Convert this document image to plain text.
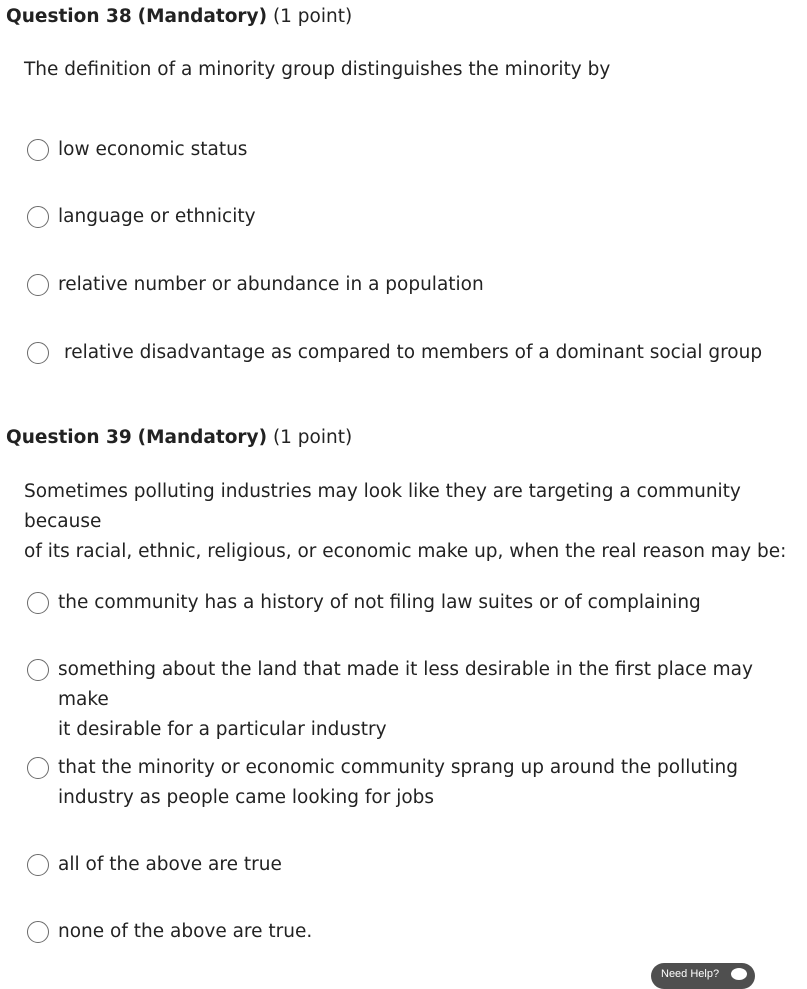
Question 38 (Mandatory) (1 point)
The definition of a minority group distinguishes the minority by
low economic status
language or ethnicity
relative number or abundance in a population
relative disadvantage as compared to members of a dominant social group
Question 39 (Mandatory) (1 point)
Sometimes polluting industries may look like they are targeting a community because
of its racial, ethnic, religious, or economic make up, when the real reason may be:
the community has a history of not filing law suites or of complaining
something about the land that made it less desirable in the first place may make
it desirable for a particular industry
that the minority or economic community sprang up around the polluting
industry as people came looking for jobs
all of the above are true
none of the above are true.
Need Help?
